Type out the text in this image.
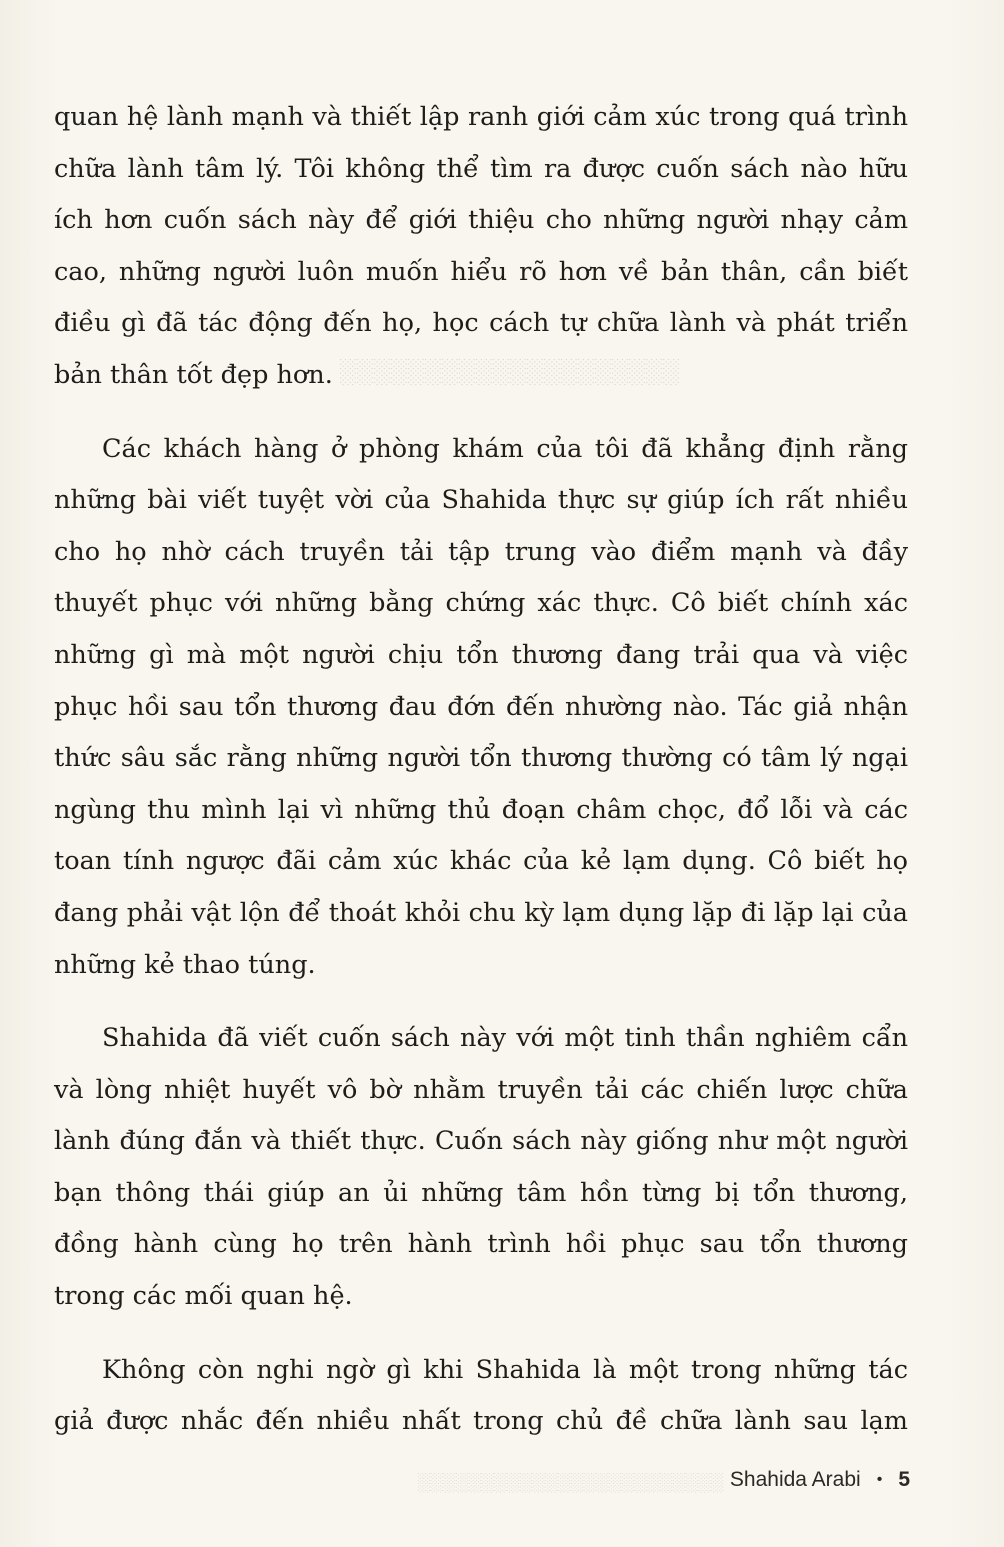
░░░░░░░░░░░░░░░░░░░░
░░░░░░░░░░░░░░░░░░░░░░░░
quan hệ lành mạnh và thiết lập ranh giới cảm xúc trong quá trình
chữa lành tâm lý. Tôi không thể tìm ra được cuốn sách nào hữu
ích hơn cuốn sách này để giới thiệu cho những người nhạy cảm
cao, những người luôn muốn hiểu rõ hơn về bản thân, cần biết
điều gì đã tác động đến họ, học cách tự chữa lành và phát triển
bản thân tốt đẹp hơn.
Các khách hàng ở phòng khám của tôi đã khẳng định rằng
những bài viết tuyệt vời của Shahida thực sự giúp ích rất nhiều
cho họ nhờ cách truyền tải tập trung vào điểm mạnh và đầy
thuyết phục với những bằng chứng xác thực. Cô biết chính xác
những gì mà một người chịu tổn thương đang trải qua và việc
phục hồi sau tổn thương đau đớn đến nhường nào. Tác giả nhận
thức sâu sắc rằng những người tổn thương thường có tâm lý ngại
ngùng thu mình lại vì những thủ đoạn châm chọc, đổ lỗi và các
toan tính ngược đãi cảm xúc khác của kẻ lạm dụng. Cô biết họ
đang phải vật lộn để thoát khỏi chu kỳ lạm dụng lặp đi lặp lại của
những kẻ thao túng.
Shahida đã viết cuốn sách này với một tinh thần nghiêm cẩn
và lòng nhiệt huyết vô bờ nhằm truyền tải các chiến lược chữa
lành đúng đắn và thiết thực. Cuốn sách này giống như một người
bạn thông thái giúp an ủi những tâm hồn từng bị tổn thương,
đồng hành cùng họ trên hành trình hồi phục sau tổn thương
trong các mối quan hệ.
Không còn nghi ngờ gì khi Shahida là một trong những tác
giả được nhắc đến nhiều nhất trong chủ đề chữa lành sau lạm
Shahida Arabi • 5
